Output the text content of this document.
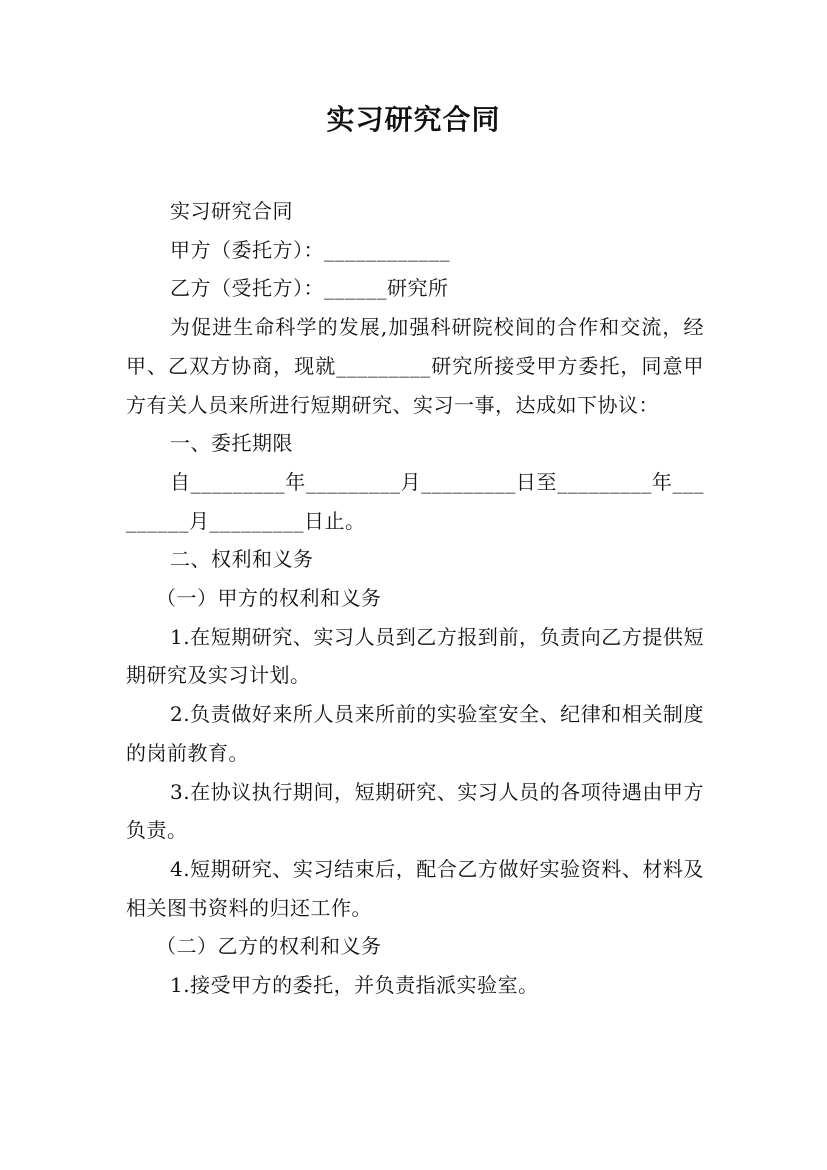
实习研究合同

实习研究合同

甲方（委托方）：____________

乙方（受托方）：______研究所

为促进生命科学的发展,加强科研院校间的合作和交流，经甲、乙双方协商，现就_________研究所接受甲方委托，同意甲方有关人员来所进行短期研究、实习一事，达成如下协议：

一、委托期限

自_________年_________月_________日至_________年_________月_________日止。

二、权利和义务

（一）甲方的权利和义务

1.在短期研究、实习人员到乙方报到前，负责向乙方提供短期研究及实习计划。

2.负责做好来所人员来所前的实验室安全、纪律和相关制度的岗前教育。

3.在协议执行期间，短期研究、实习人员的各项待遇由甲方负责。

4.短期研究、实习结束后，配合乙方做好实验资料、材料及相关图书资料的归还工作。

（二）乙方的权利和义务

1.接受甲方的委托，并负责指派实验室。
